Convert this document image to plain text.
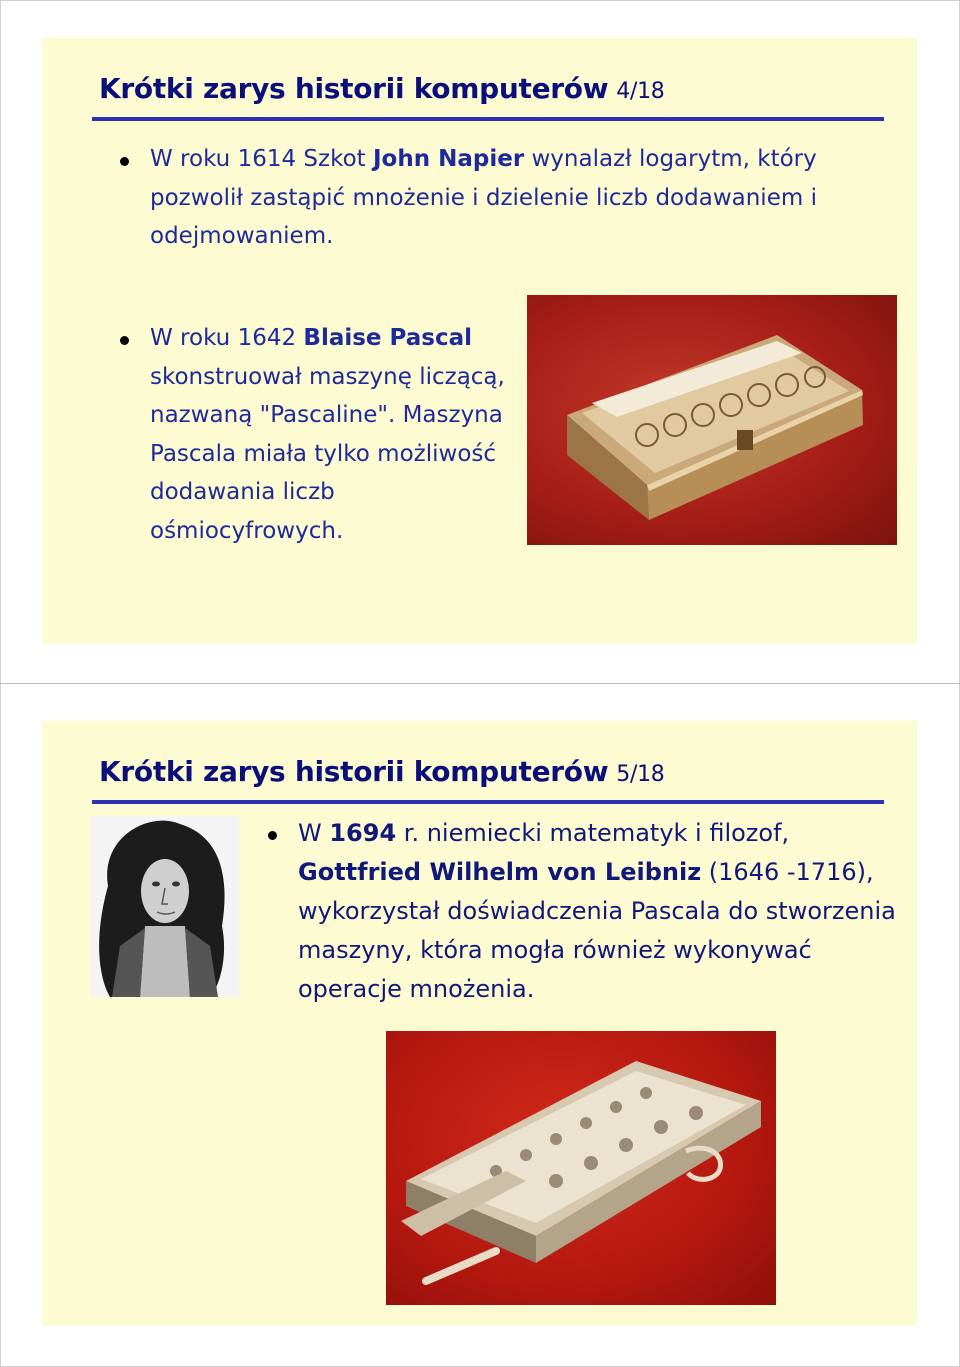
Krótki zarys historii komputerów 4/18

W roku 1614 Szkot John Napier wynalazł logarytm, który pozwolił zastąpić mnożenie i dzielenie liczb dodawaniem i odejmowaniem.

W roku 1642 Blaise Pascal skonstruował maszynę liczącą, nazwaną "Pascaline". Maszyna Pascala miała tylko możliwość dodawania liczb ośmiocyfrowych.

Krótki zarys historii komputerów 5/18

W 1694 r. niemiecki matematyk i filozof, Gottfried Wilhelm von Leibniz (1646 -1716), wykorzystał doświadczenia Pascala do stworzenia maszyny, która mogła również wykonywać operacje mnożenia.
